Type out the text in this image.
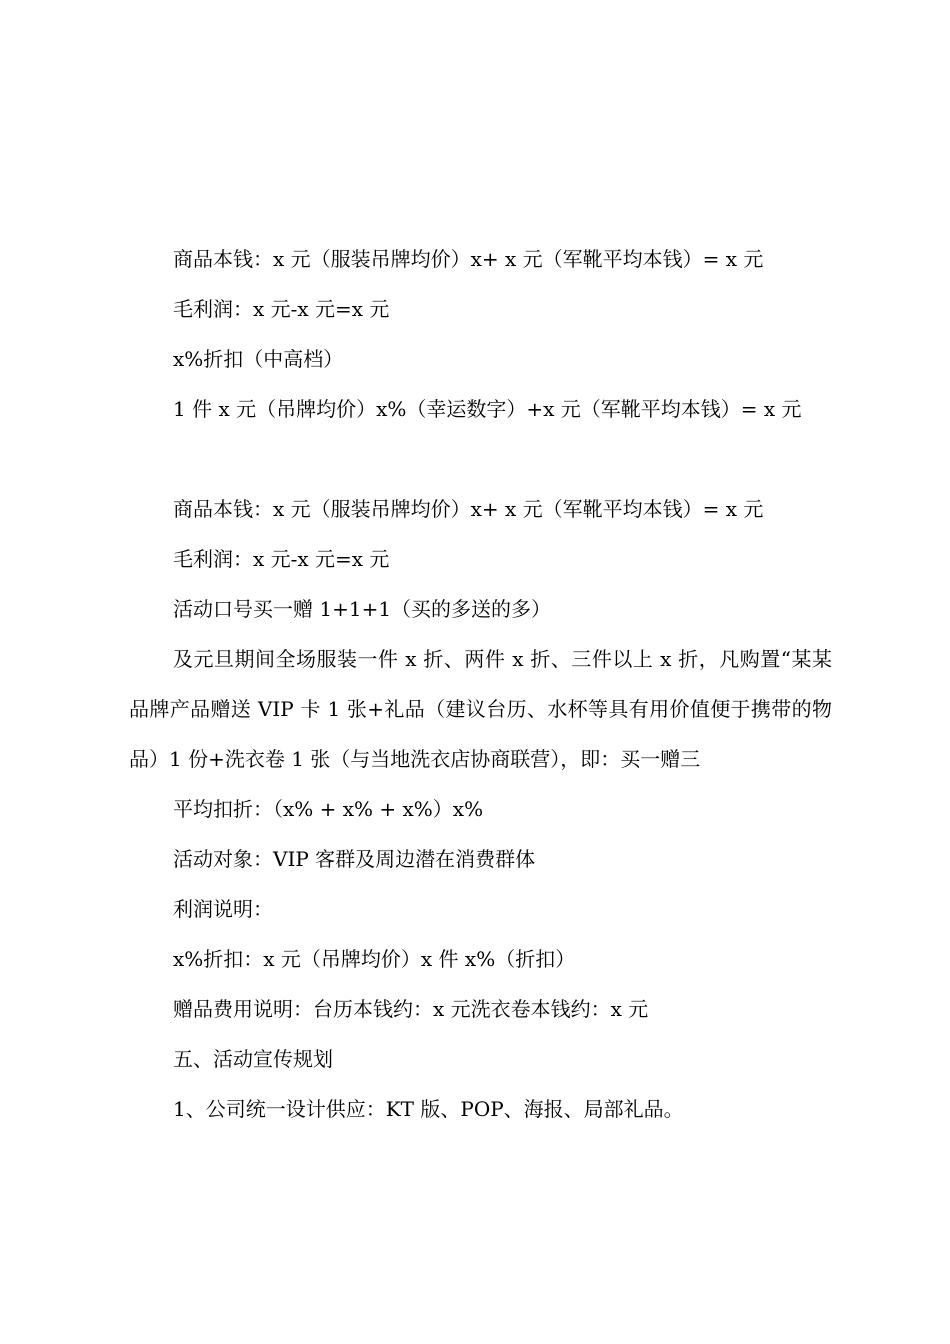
商品本钱：x 元（服装吊牌均价）x+ x 元（军靴平均本钱）= x 元

毛利润：x 元-x 元=x 元

x%折扣（中高档）

1 件 x 元（吊牌均价）x%（幸运数字）+x 元（军靴平均本钱）= x 元

商品本钱：x 元（服装吊牌均价）x+ x 元（军靴平均本钱）= x 元

毛利润：x 元-x 元=x 元

活动口号买一赠 1+1+1（买的多送的多）

及元旦期间全场服装一件 x 折、两件 x 折、三件以上 x 折，凡购置“某某品牌产品赠送 VIP 卡 1 张+礼品（建议台历、水杯等具有用价值便于携带的物品）1 份+洗衣卷 1 张（与当地洗衣店协商联营），即：买一赠三

平均扣折：（x% + x% + x%）x%

活动对象：VIP 客群及周边潜在消费群体

利润说明：

x%折扣：x 元（吊牌均价）x 件 x%（折扣）

赠品费用说明：台历本钱约：x 元洗衣卷本钱约：x 元

五、活动宣传规划

1、公司统一设计供应：KT 版、POP、海报、局部礼品。
